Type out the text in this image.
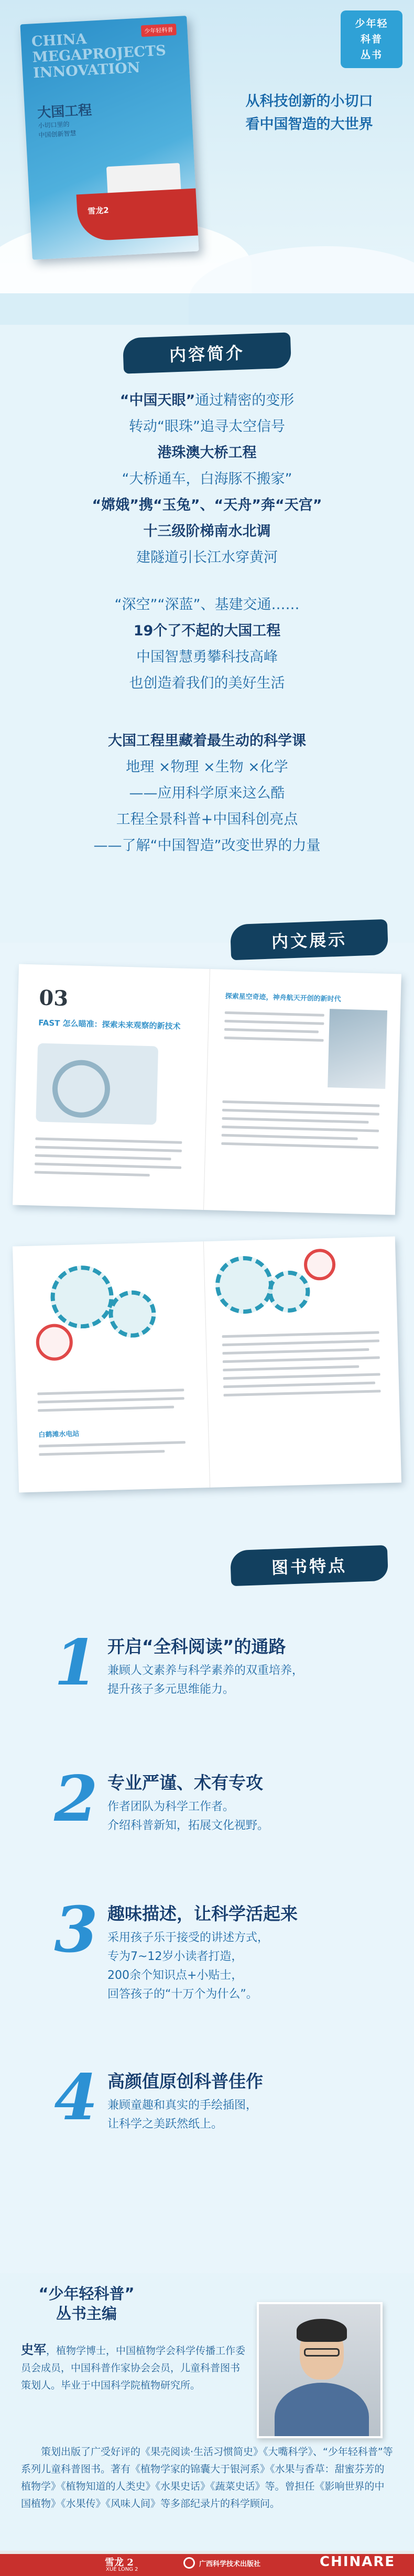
少年轻
科普
丛书
CHINA MEGAPROJECTS INNOVATION
少年轻科普
大国工程
小切口里的
中国创新智慧
雪龙2
从科技创新的小切口
看中国智造的大世界
内容简介
“中国天眼”通过精密的变形
转动“眼珠”追寻太空信号
港珠澳大桥工程
“大桥通车，白海豚不搬家”
“嫦娥”携“玉兔”、“天舟”奔“天宫”
十三级阶梯南水北调
建隧道引长江水穿黄河
“深空”“深蓝”、基建交通……
19个了不起的大国工程
中国智慧勇攀科技高峰
也创造着我们的美好生活
大国工程里藏着最生动的科学课
地理 ×物理 ×生物 ×化学
——应用科学原来这么酷
工程全景科普+中国科创亮点
——了解“中国智造”改变世界的力量
内文展示
03
FAST 怎么瞄准：探索未来观察的新技术
探索星空奇迹，神舟航天开创的新时代
白鹤滩水电站
图书特点
1 开启“全科阅读”的通路
兼顾人文素养与科学素养的双重培养，
提升孩子多元思维能力。
2 专业严谨、术有专攻
作者团队为科学工作者。
介绍科普新知，拓展文化视野。
3 趣味描述，让科学活起来
采用孩子乐于接受的讲述方式，
专为7~12岁小读者打造，
200余个知识点+小贴士，
回答孩子的“十万个为什么”。
4 高颜值原创科普佳作
兼顾童趣和真实的手绘插图，
让科学之美跃然纸上。
“少年轻科普”
丛书主编
史军，植物学博士，中国植物学会科学传播工作委员会成员，中国科普作家协会会员，儿童科普图书策划人。毕业于中国科学院植物研究所。
策划出版了广受好评的《果壳阅读·生活习惯简史》《大嘴科学》、“少年轻科普”等系列儿童科普图书。著有《植物学家的锦囊大于银河系》《水果与香草：甜蜜芬芳的植物学》《植物知道的人类史》《水果史话》《蔬菜史话》等。曾担任《影响世界的中国植物》《水果传》《风味人间》等多部纪录片的科学顾问。
雪龙 2
XUE LONG 2
广西科学技术出版社	CHINARE
